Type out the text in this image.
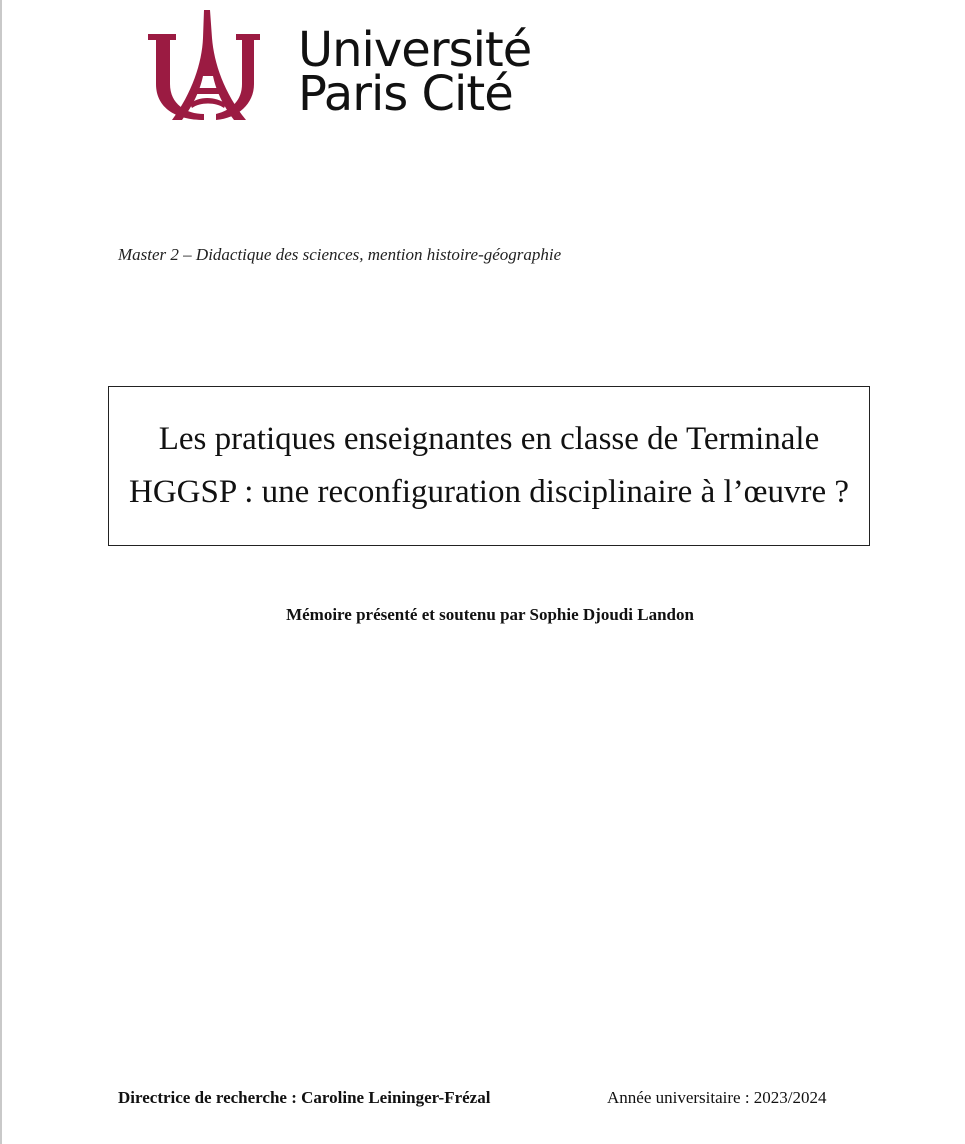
Université
Paris Cité
Master 2 – Didactique des sciences, mention histoire-géographie

Les pratiques enseignantes en classe de Terminale HGGSP : une reconfiguration disciplinaire à l’œuvre ?

Mémoire présenté et soutenu par Sophie Djoudi Landon
Directrice de recherche : Caroline Leininger-Frézal	Année universitaire : 2023/2024
